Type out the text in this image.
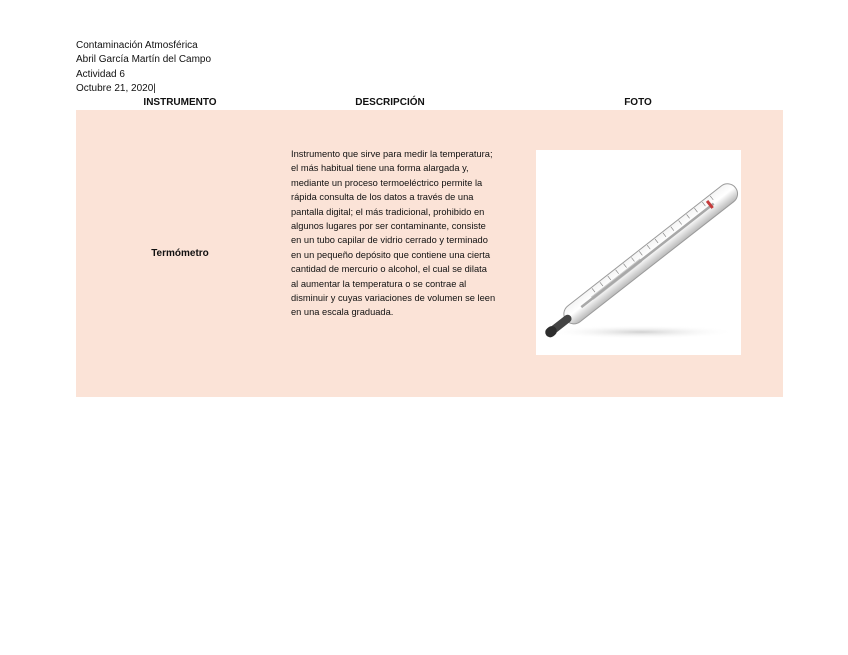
Contaminación Atmosférica
Abril García Martín del Campo
Actividad 6
Octubre 21, 2020|
INSTRUMENTO	DESCRIPCIÓN	FOTO
Termómetro
Instrumento que sirve para medir la temperatura; el más habitual tiene una forma alargada y, mediante un proceso termoeléctrico permite la rápida consulta de los datos a través de una pantalla digital; el más tradicional, prohibido en algunos lugares por ser contaminante, consiste en un tubo capilar de vidrio cerrado y terminado en un pequeño depósito que contiene una cierta cantidad de mercurio o alcohol, el cual se dilata al aumentar la temperatura o se contrae al disminuir y cuyas variaciones de volumen se leen en una escala graduada.
